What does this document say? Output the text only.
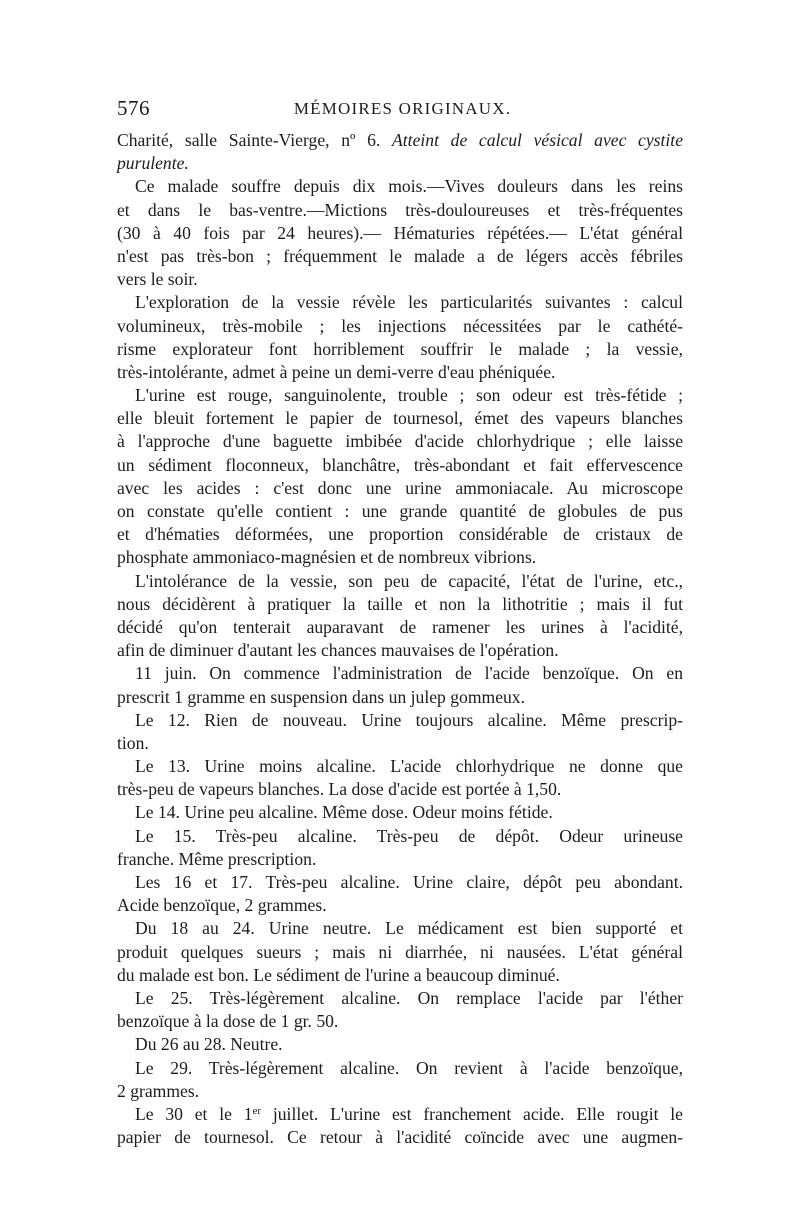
576	MÉMOIRES ORIGINAUX.
Charité, salle Sainte-Vierge, nº 6. Atteint de calcul vésical avec cystite
purulente.
Ce malade souffre depuis dix mois.—Vives douleurs dans les reins
et dans le bas-ventre.—Mictions très-douloureuses et très-fréquentes
(30 à 40 fois par 24 heures).— Hématuries répétées.— L'état général
n'est pas très-bon ; fréquemment le malade a de légers accès fébriles
vers le soir.
L'exploration de la vessie révèle les particularités suivantes : calcul
volumineux, très-mobile ; les injections nécessitées par le cathété-
risme explorateur font horriblement souffrir le malade ; la vessie,
très-intolérante, admet à peine un demi-verre d'eau phéniquée.
L'urine est rouge, sanguinolente, trouble ; son odeur est très-fétide ;
elle bleuit fortement le papier de tournesol, émet des vapeurs blanches
à l'approche d'une baguette imbibée d'acide chlorhydrique ; elle laisse
un sédiment floconneux, blanchâtre, très-abondant et fait effervescence
avec les acides : c'est donc une urine ammoniacale. Au microscope
on constate qu'elle contient : une grande quantité de globules de pus
et d'hématies déformées, une proportion considérable de cristaux de
phosphate ammoniaco-magnésien et de nombreux vibrions.
L'intolérance de la vessie, son peu de capacité, l'état de l'urine, etc.,
nous décidèrent à pratiquer la taille et non la lithotritie ; mais il fut
décidé qu'on tenterait auparavant de ramener les urines à l'acidité,
afin de diminuer d'autant les chances mauvaises de l'opération.
11 juin. On commence l'administration de l'acide benzoïque. On en
prescrit 1 gramme en suspension dans un julep gommeux.
Le 12. Rien de nouveau. Urine toujours alcaline. Même prescrip-
tion.
Le 13. Urine moins alcaline. L'acide chlorhydrique ne donne que
très-peu de vapeurs blanches. La dose d'acide est portée à 1,50.
Le 14. Urine peu alcaline. Même dose. Odeur moins fétide.
Le 15. Très-peu alcaline. Très-peu de dépôt. Odeur urineuse
franche. Même prescription.
Les 16 et 17. Très-peu alcaline. Urine claire, dépôt peu abondant.
Acide benzoïque, 2 grammes.
Du 18 au 24. Urine neutre. Le médicament est bien supporté et
produit quelques sueurs ; mais ni diarrhée, ni nausées. L'état général
du malade est bon. Le sédiment de l'urine a beaucoup diminué.
Le 25. Très-légèrement alcaline. On remplace l'acide par l'éther
benzoïque à la dose de 1 gr. 50.
Du 26 au 28. Neutre.
Le 29. Très-légèrement alcaline. On revient à l'acide benzoïque,
2 grammes.
Le 30 et le 1er juillet. L'urine est franchement acide. Elle rougit le
papier de tournesol. Ce retour à l'acidité coïncide avec une augmen-
